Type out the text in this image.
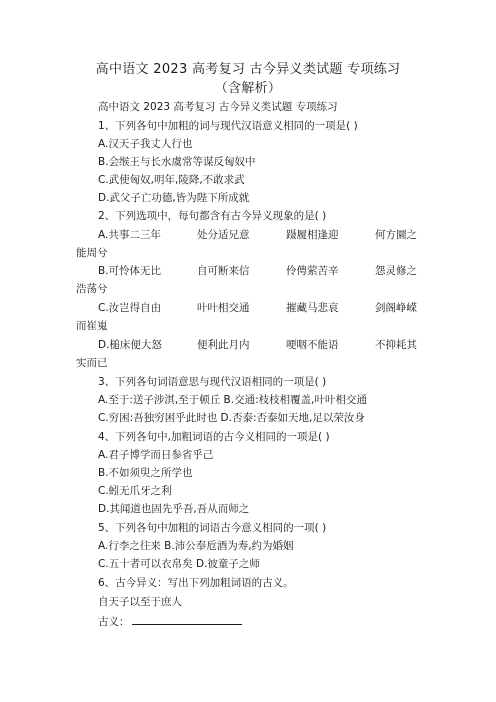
高中语文 2023 高考复习 古今异义类试题 专项练习
（含解析）
高中语文 2023 高考复习 古今异义类试题 专项练习
1、下列各句中加粗的词与现代汉语意义相同的一项是( )
A.汉天子我丈人行也
B.会缑王与长水虞常等谋反匈奴中
C.武使匈奴,明年,陵降,不敢求武
D.武父子亡功德,皆为陛下所成就
2、下列选项中，每句都含有古今异义现象的是( )
A.共事二三年	处分适兄意	蹑履相逢迎	何方圜之
能周兮
B.可怜体无比	自可断来信	伶俜萦苦辛	怨灵修之
浩荡兮
C.汝岂得自由	叶叶相交通	摧藏马悲哀	剑阁峥嵘
而崔嵬
D.槌床便大怒	便利此月内	哽咽不能语	不抑耗其
实而已
3、下列各句词语意思与现代汉语相同的一项是( )
A.至于:送子涉淇,至于顿丘 B.交通:枝枝相覆盖,叶叶相交通
C.穷困:吾独穷困乎此时也 D.否泰:否泰如天地,足以荣汝身
4、下列各句中,加粗词语的古今义相同的一项是( )
A.君子博学而日参省乎己
B.不如须臾之所学也
C.蚓无爪牙之利
D.其闻道也固先乎吾,吾从而师之
5、下列各句中加粗的词语古今意义相同的一项( )
A.行李之往来 B.沛公奉卮酒为寿,约为婚姻
C.五十者可以衣帛矣 D.彼童子之师
6、古今异义：写出下列加粗词语的古义。
自天子以至于庶人
古义：
